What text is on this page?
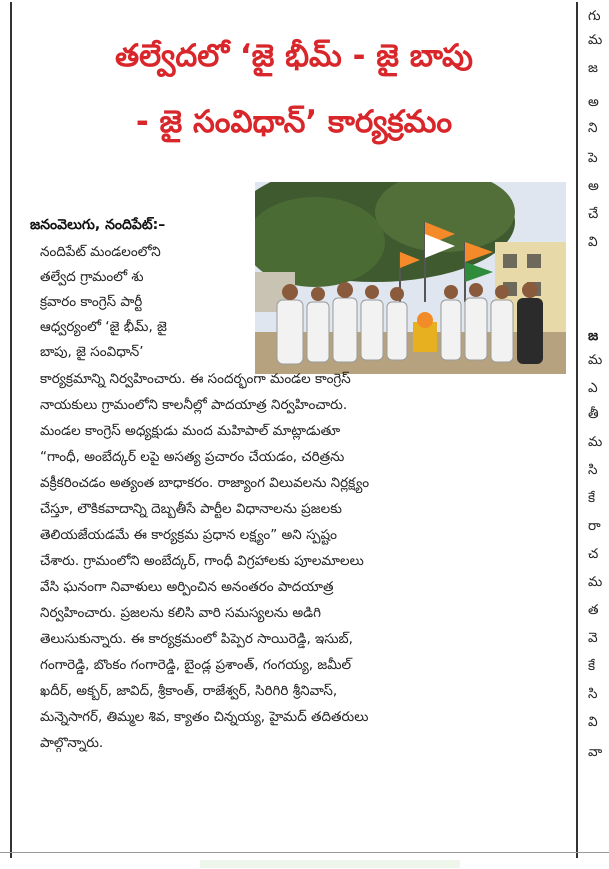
తల్వేదలో ‘జై భీమ్ - జై బాపు
- జై సంవిధాన్’ కార్యక్రమం
జనంవెలుగు, నందిపేట్:–
నందిపేట్ మండలంలోని
తల్వేద గ్రామంలో శు
క్రవారం కాంగ్రెస్ పార్టీ
ఆధ్వర్యంలో ‘జై భీమ్, జై
బాపు, జై సంవిధాన్’
కార్యక్రమాన్ని నిర్వహించారు. ఈ సందర్భంగా మండల కాంగ్రెస్
నాయకులు గ్రామంలోని కాలనీల్లో పాదయాత్ర నిర్వహించారు.
మండల కాంగ్రెస్ అధ్యక్షుడు మంద మహిపాల్ మాట్లాడుతూ
“గాంధీ, అంబేద్కర్ లపై అసత్య ప్రచారం చేయడం, చరిత్రను
వక్రీకరించడం అత్యంత బాధాకరం. రాజ్యాంగ విలువలను నిర్లక్ష్యం
చేస్తూ, లౌకికవాదాన్ని దెబ్బతీసే పార్టీల విధానాలను ప్రజలకు
తెలియజేయడమే ఈ కార్యక్రమ ప్రధాన లక్ష్యం” అని స్పష్టం
చేశారు. గ్రామంలోని అంబేద్కర్, గాంధీ విగ్రహాలకు పూలమాలలు
వేసి ఘనంగా నివాళులు అర్పించిన అనంతరం పాదయాత్ర
నిర్వహించారు. ప్రజలను కలిసి వారి సమస్యలను అడిగి
తెలుసుకున్నారు. ఈ కార్యక్రమంలో పిప్పెర సాయిరెడ్డి, ఇసుబ్,
గంగారెడ్డి, బొంకం గంగారెడ్డి, బైండ్ల ప్రశాంత్, గంగయ్య, జమీల్
ఖదీర్, అక్బర్, జావిద్, శ్రీకాంత్, రాజేశ్వర్, సిరిగిరి శ్రీనివాస్,
మన్నెసాగర్, తిమ్మల శివ, క్యాతం చిన్నయ్య, హైమద్ తదితరులు
పాల్గొన్నారు.
గు
మ
జ
అ
ని
పె
అ
చే
వి
జ
మ
ఎ
తీ
మ
సి
కే
రా
చ
మ
త
వె
కే
సి
వి
వా
